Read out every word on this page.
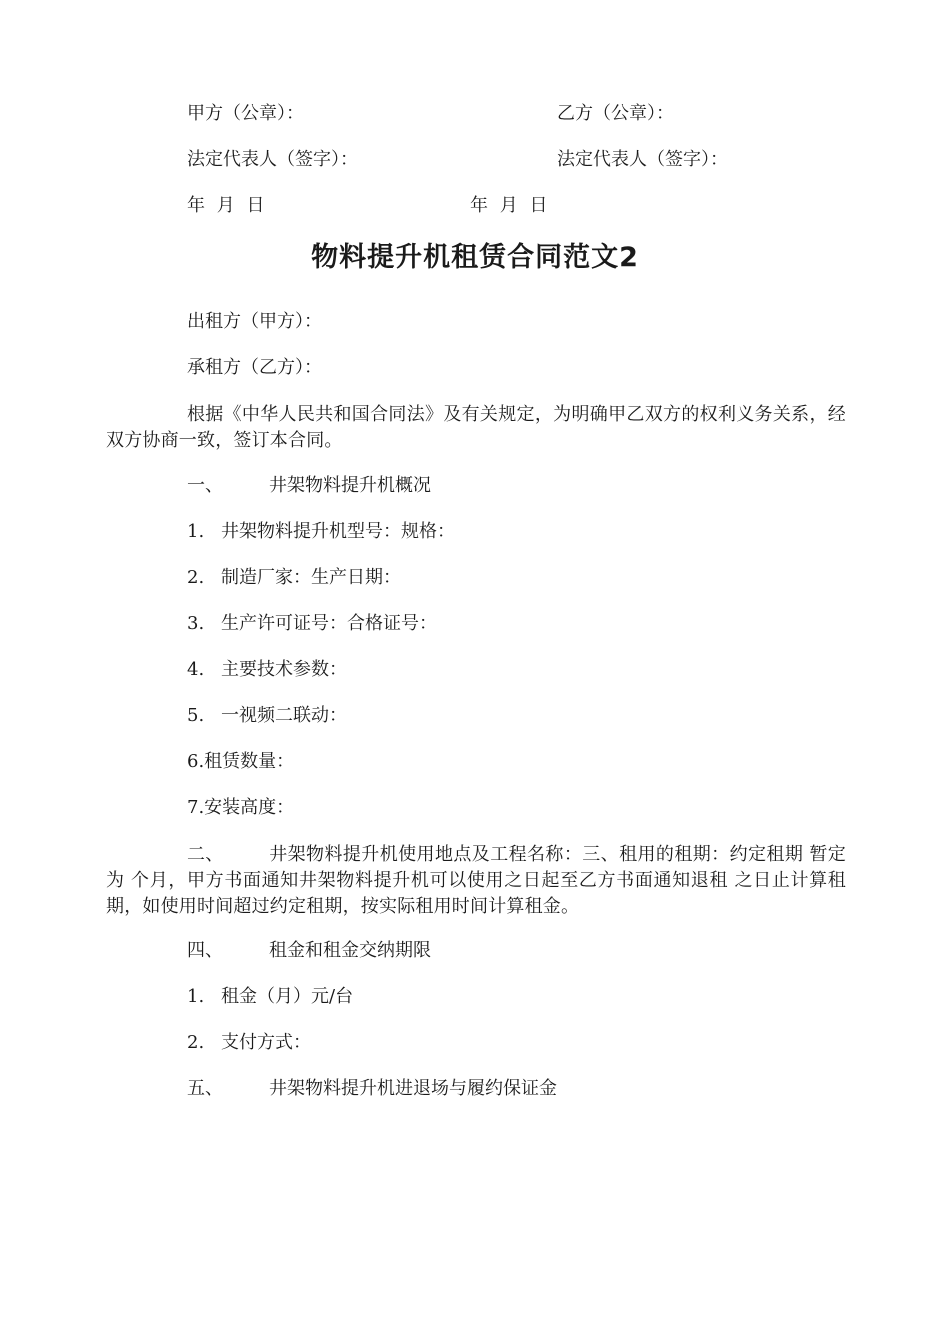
甲方（公章）：	乙方（公章）：
法定代表人（签字）：	法定代表人（签字）：
年 月 日	年 月 日
物料提升机租赁合同范文2
出租方（甲方）：
承租方（乙方）：
根据《中华人民共和国合同法》及有关规定，为明确甲乙双方的权利义务关系，经双方协商一致，签订本合同。
一、	井架物料提升机概况
1. 井架物料提升机型号：规格：
2. 制造厂家：生产日期：
3. 生产许可证号：合格证号：
4. 主要技术参数：
5. 一视频二联动：
6.租赁数量：
7.安装高度：
二、	井架物料提升机使用地点及工程名称：三、租用的租期：约定租期 暂定为 个月，甲方书面通知井架物料提升机可以使用之日起至乙方书面通知退租 之日止计算租期，如使用时间超过约定租期，按实际租用时间计算租金。
四、	租金和租金交纳期限
1. 租金（月）元/台
2. 支付方式：
五、	井架物料提升机进退场与履约保证金
